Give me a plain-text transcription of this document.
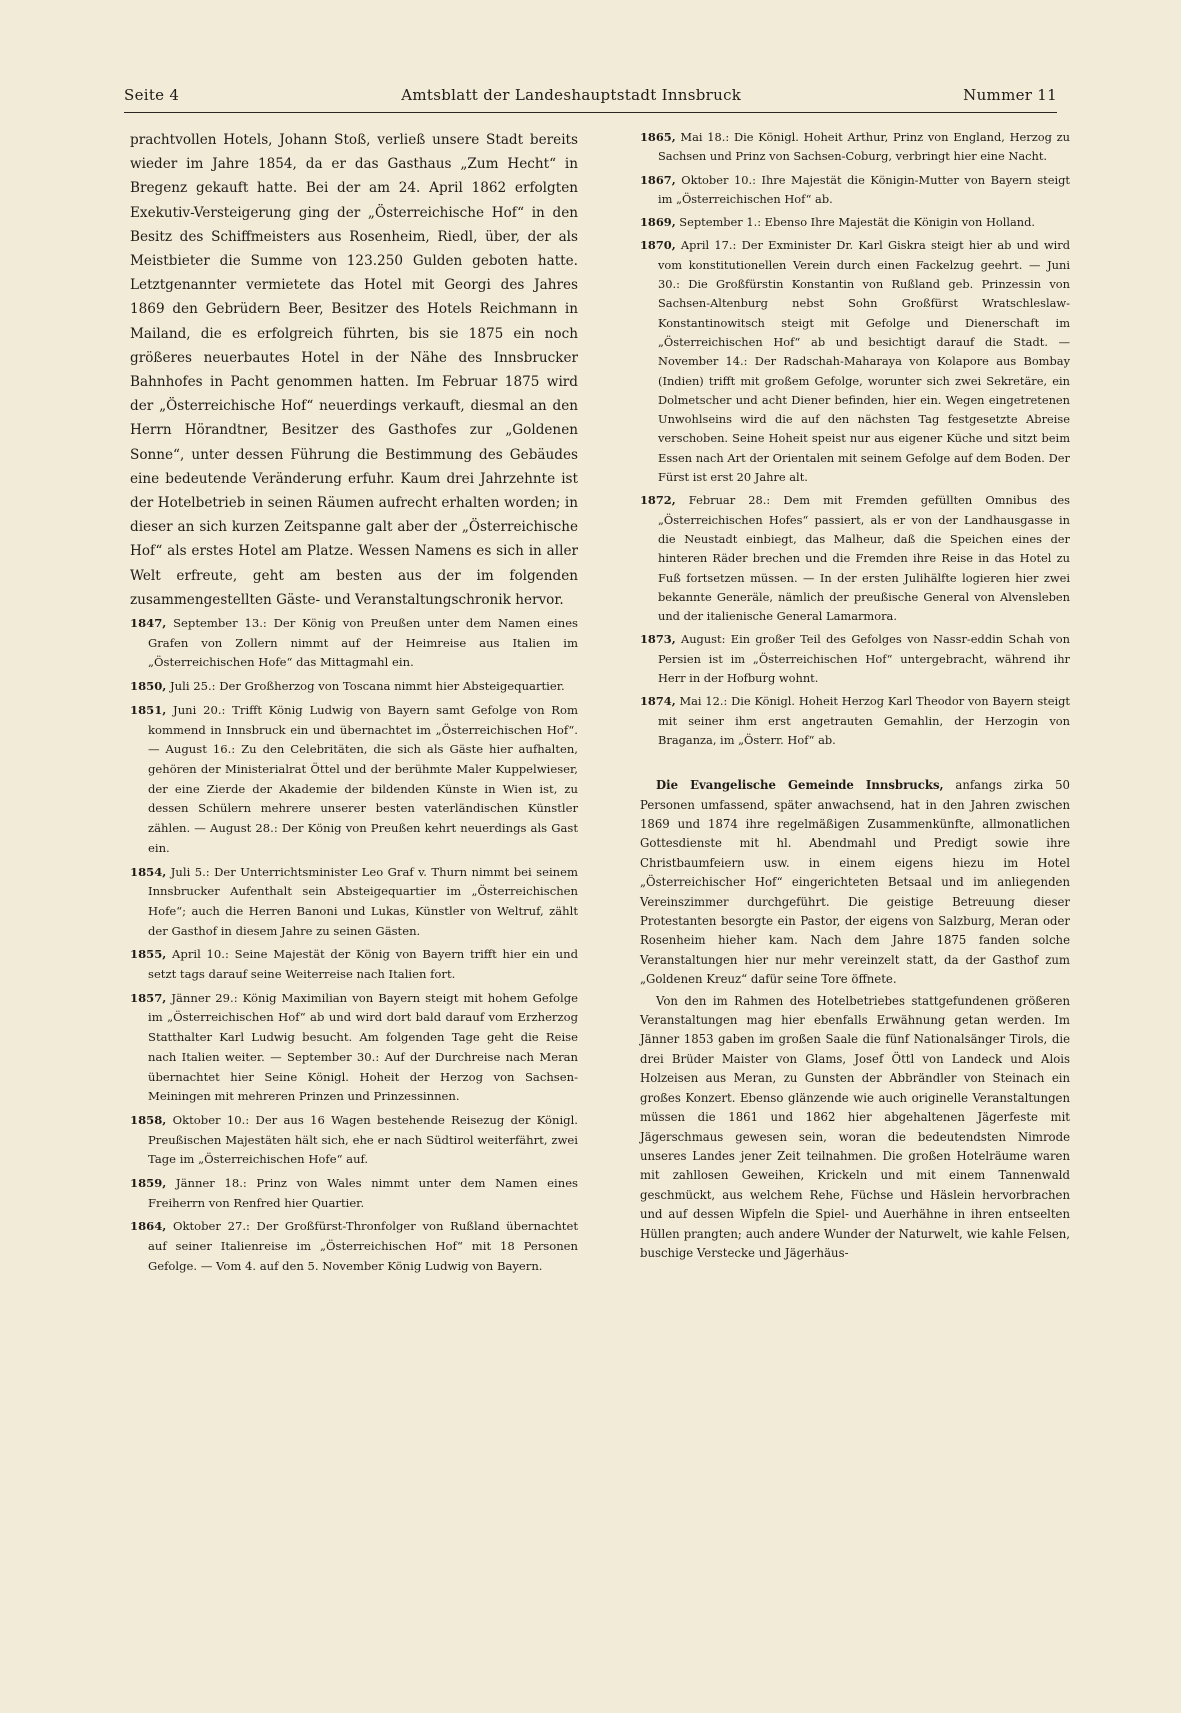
Seite 4	Amtsblatt der Landeshauptstadt Innsbruck	Nummer 11

prachtvollen Hotels, Johann Stoß, verließ unsere Stadt bereits wieder im Jahre 1854, da er das Gasthaus „Zum Hecht“ in Bregenz gekauft hatte. Bei der am 24. April 1862 erfolgten Exekutiv-Versteigerung ging der „Österreichische Hof“ in den Besitz des Schiffmeisters aus Rosenheim, Riedl, über, der als Meistbieter die Summe von 123.250 Gulden geboten hatte. Letztgenannter vermietete das Hotel mit Georgi des Jahres 1869 den Gebrüdern Beer, Besitzer des Hotels Reichmann in Mailand, die es erfolgreich führten, bis sie 1875 ein noch größeres neuerbautes Hotel in der Nähe des Innsbrucker Bahnhofes in Pacht genommen hatten. Im Februar 1875 wird der „Österreichische Hof“ neuerdings verkauft, diesmal an den Herrn Hörandtner, Besitzer des Gasthofes zur „Goldenen Sonne“, unter dessen Führung die Bestimmung des Gebäudes eine bedeutende Veränderung erfuhr. Kaum drei Jahrzehnte ist der Hotelbetrieb in seinen Räumen aufrecht erhalten worden; in dieser an sich kurzen Zeitspanne galt aber der „Österreichische Hof“ als erstes Hotel am Platze. Wessen Namens es sich in aller Welt erfreute, geht am besten aus der im folgenden zusammengestellten Gäste- und Veranstaltungschronik hervor.

1847, September 13.: Der König von Preußen unter dem Namen eines Grafen von Zollern nimmt auf der Heimreise aus Italien im „Österreichischen Hofe“ das Mittagmahl ein.

1850, Juli 25.: Der Großherzog von Toscana nimmt hier Absteigequartier.

1851, Juni 20.: Trifft König Ludwig von Bayern samt Gefolge von Rom kommend in Innsbruck ein und übernachtet im „Österreichischen Hof“. — August 16.: Zu den Celebritäten, die sich als Gäste hier aufhalten, gehören der Ministerialrat Öttel und der berühmte Maler Kuppelwieser, der eine Zierde der Akademie der bildenden Künste in Wien ist, zu dessen Schülern mehrere unserer besten vaterländischen Künstler zählen. — August 28.: Der König von Preußen kehrt neuerdings als Gast ein.

1854, Juli 5.: Der Unterrichtsminister Leo Graf v. Thurn nimmt bei seinem Innsbrucker Aufenthalt sein Absteigequartier im „Österreichischen Hofe“; auch die Herren Banoni und Lukas, Künstler von Weltruf, zählt der Gasthof in diesem Jahre zu seinen Gästen.

1855, April 10.: Seine Majestät der König von Bayern trifft hier ein und setzt tags darauf seine Weiterreise nach Italien fort.

1857, Jänner 29.: König Maximilian von Bayern steigt mit hohem Gefolge im „Österreichischen Hof“ ab und wird dort bald darauf vom Erzherzog Statthalter Karl Ludwig besucht. Am folgenden Tage geht die Reise nach Italien weiter. — September 30.: Auf der Durchreise nach Meran übernachtet hier Seine Königl. Hoheit der Herzog von Sachsen-Meiningen mit mehreren Prinzen und Prinzessinnen.

1858, Oktober 10.: Der aus 16 Wagen bestehende Reisezug der Königl. Preußischen Majestäten hält sich, ehe er nach Südtirol weiterfährt, zwei Tage im „Österreichischen Hofe“ auf.

1859, Jänner 18.: Prinz von Wales nimmt unter dem Namen eines Freiherrn von Renfred hier Quartier.

1864, Oktober 27.: Der Großfürst-Thronfolger von Rußland übernachtet auf seiner Italienreise im „Österreichischen Hof“ mit 18 Personen Gefolge. — Vom 4. auf den 5. November König Ludwig von Bayern.

1865, Mai 18.: Die Königl. Hoheit Arthur, Prinz von England, Herzog zu Sachsen und Prinz von Sachsen-Coburg, verbringt hier eine Nacht.

1867, Oktober 10.: Ihre Majestät die Königin-Mutter von Bayern steigt im „Österreichischen Hof“ ab.

1869, September 1.: Ebenso Ihre Majestät die Königin von Holland.

1870, April 17.: Der Exminister Dr. Karl Giskra steigt hier ab und wird vom konstitutionellen Verein durch einen Fackelzug geehrt. — Juni 30.: Die Großfürstin Konstantin von Rußland geb. Prinzessin von Sachsen-Altenburg nebst Sohn Großfürst Wratschleslaw-Konstantinowitsch steigt mit Gefolge und Dienerschaft im „Österreichischen Hof“ ab und besichtigt darauf die Stadt. — November 14.: Der Radschah-Maharaya von Kolapore aus Bombay (Indien) trifft mit großem Gefolge, worunter sich zwei Sekretäre, ein Dolmetscher und acht Diener befinden, hier ein. Wegen eingetretenen Unwohlseins wird die auf den nächsten Tag festgesetzte Abreise verschoben. Seine Hoheit speist nur aus eigener Küche und sitzt beim Essen nach Art der Orientalen mit seinem Gefolge auf dem Boden. Der Fürst ist erst 20 Jahre alt.

1872, Februar 28.: Dem mit Fremden gefüllten Omnibus des „Österreichischen Hofes“ passiert, als er von der Landhausgasse in die Neustadt einbiegt, das Malheur, daß die Speichen eines der hinteren Räder brechen und die Fremden ihre Reise in das Hotel zu Fuß fortsetzen müssen. — In der ersten Julihälfte logieren hier zwei bekannte Generäle, nämlich der preußische General von Alvensleben und der italienische General Lamarmora.

1873, August: Ein großer Teil des Gefolges von Nassr-eddin Schah von Persien ist im „Österreichischen Hof“ untergebracht, während ihr Herr in der Hofburg wohnt.

1874, Mai 12.: Die Königl. Hoheit Herzog Karl Theodor von Bayern steigt mit seiner ihm erst angetrauten Gemahlin, der Herzogin von Braganza, im „Österr. Hof“ ab.

Die Evangelische Gemeinde Innsbrucks, anfangs zirka 50 Personen umfassend, später anwachsend, hat in den Jahren zwischen 1869 und 1874 ihre regelmäßigen Zusammenkünfte, allmonatlichen Gottesdienste mit hl. Abendmahl und Predigt sowie ihre Christbaumfeiern usw. in einem eigens hiezu im Hotel „Österreichischer Hof“ eingerichteten Betsaal und im anliegenden Vereinszimmer durchgeführt. Die geistige Betreuung dieser Protestanten besorgte ein Pastor, der eigens von Salzburg, Meran oder Rosenheim hieher kam. Nach dem Jahre 1875 fanden solche Veranstaltungen hier nur mehr vereinzelt statt, da der Gasthof zum „Goldenen Kreuz“ dafür seine Tore öffnete.

Von den im Rahmen des Hotelbetriebes stattgefundenen größeren Veranstaltungen mag hier ebenfalls Erwähnung getan werden. Im Jänner 1853 gaben im großen Saale die fünf Nationalsänger Tirols, die drei Brüder Maister von Glams, Josef Öttl von Landeck und Alois Holzeisen aus Meran, zu Gunsten der Abbrändler von Steinach ein großes Konzert. Ebenso glänzende wie auch originelle Veranstaltungen müssen die 1861 und 1862 hier abgehaltenen Jägerfeste mit Jägerschmaus gewesen sein, woran die bedeutendsten Nimrode unseres Landes jener Zeit teilnahmen. Die großen Hotelräume waren mit zahllosen Geweihen, Krickeln und mit einem Tannenwald geschmückt, aus welchem Rehe, Füchse und Häslein hervorbrachen und auf dessen Wipfeln die Spiel- und Auerhähne in ihren entseelten Hüllen prangten; auch andere Wunder der Naturwelt, wie kahle Felsen, buschige Verstecke und Jägerhäus-
